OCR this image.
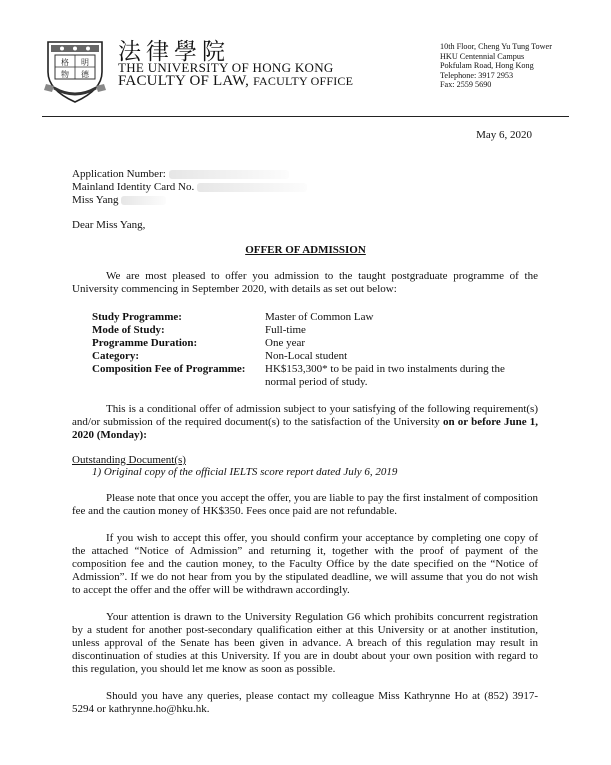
格 明
物 德
法律學院
THE UNIVERSITY OF HONG KONG
FACULTY OF LAW, FACULTY OFFICE
10th Floor, Cheng Yu Tung Tower
HKU Centennial Campus
Pokfulam Road, Hong Kong
Telephone: 3917 2953
Fax: 2559 5690
May 6, 2020
Application Number:
Mainland Identity Card No.
Miss Yang
Dear Miss Yang,
OFFER OF ADMISSION
We are most pleased to offer you admission to the taught postgraduate programme of the University commencing in September 2020, with details as set out below:
Study Programme:	Master of Common Law
Mode of Study:	Full-time
Programme Duration:	One year
Category:	Non-Local student
Composition Fee of Programme:	HK$153,300* to be paid in two instalments during the normal period of study.
This is a conditional offer of admission subject to your satisfying of the following requirement(s) and/or submission of the required document(s) to the satisfaction of the University on or before June 1, 2020 (Monday):
Outstanding Document(s)
1) Original copy of the official IELTS score report dated July 6, 2019
Please note that once you accept the offer, you are liable to pay the first instalment of composition fee and the caution money of HK$350. Fees once paid are not refundable.
If you wish to accept this offer, you should confirm your acceptance by completing one copy of the attached “Notice of Admission” and returning it, together with the proof of payment of the composition fee and the caution money, to the Faculty Office by the date specified on the “Notice of Admission”. If we do not hear from you by the stipulated deadline, we will assume that you do not wish to accept the offer and the offer will be withdrawn accordingly.
Your attention is drawn to the University Regulation G6 which prohibits concurrent registration by a student for another post-secondary qualification either at this University or at another institution, unless approval of the Senate has been given in advance. A breach of this regulation may result in discontinuation of studies at this University. If you are in doubt about your own position with regard to this regulation, you should let me know as soon as possible.
Should you have any queries, please contact my colleague Miss Kathrynne Ho at (852) 3917-5294 or kathrynne.ho@hku.hk.
